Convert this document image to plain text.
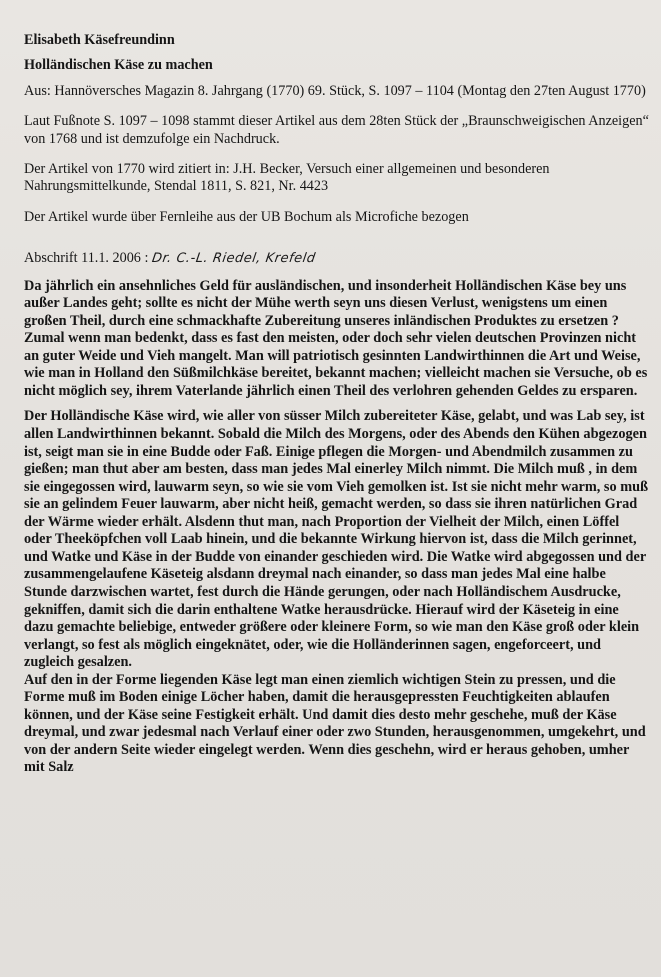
Elisabeth Käsefreundinn

Holländischen Käse zu machen

Aus: Hannöversches Magazin 8. Jahrgang (1770) 69. Stück, S. 1097 – 1104 (Montag den 27ten August 1770)

Laut Fußnote S. 1097 – 1098 stammt dieser Artikel aus dem 28ten Stück der „Braunschweigischen Anzeigen“ von 1768 und ist demzufolge ein Nachdruck.

Der Artikel von 1770 wird zitiert in: J.H. Becker, Versuch einer allgemeinen und besonderen Nahrungsmittelkunde, Stendal 1811, S. 821, Nr. 4423

Der Artikel wurde über Fernleihe aus der UB Bochum als Microfiche bezogen

Abschrift 11.1. 2006 : Dr. C.-L. Riedel, Krefeld

Da jährlich ein ansehnliches Geld für ausländischen, und insonderheit Holländischen Käse bey uns außer Landes geht; sollte es nicht der Mühe werth seyn uns diesen Verlust, wenigstens um einen großen Theil, durch eine schmackhafte Zubereitung unseres inländischen Produktes zu ersetzen ?

Zumal wenn man bedenkt, dass es fast den meisten, oder doch sehr vielen deutschen Provinzen nicht an guter Weide und Vieh mangelt. Man will patriotisch gesinnten Landwirthinnen die Art und Weise, wie man in Holland den Süßmilchkäse bereitet, bekannt machen; vielleicht machen sie Versuche, ob es nicht möglich sey, ihrem Vaterlande jährlich einen Theil des verlohren gehenden Geldes zu ersparen.

Der Holländische Käse wird, wie aller von süsser Milch zubereiteter Käse, gelabt, und was Lab sey, ist allen Landwirthinnen bekannt. Sobald die Milch des Morgens, oder des Abends den Kühen abgezogen ist, seigt man sie in eine Budde oder Faß. Einige pflegen die Morgen- und Abendmilch zusammen zu gießen; man thut aber am besten, dass man jedes Mal einerley Milch nimmt. Die Milch muß , in dem sie eingegossen wird, lauwarm seyn, so wie sie vom Vieh gemolken ist. Ist sie nicht mehr warm, so muß sie an gelindem Feuer lauwarm, aber nicht heiß, gemacht werden, so dass sie ihren natürlichen Grad der Wärme wieder erhält. Alsdenn thut man, nach Proportion der Vielheit der Milch, einen Löffel oder Theeköpfchen voll Laab hinein, und die bekannte Wirkung hiervon ist, dass die Milch gerinnet, und Watke und Käse in der Budde von einander geschieden wird. Die Watke wird abgegossen und der zusammengelaufene Käseteig alsdann dreymal nach einander, so dass man jedes Mal eine halbe Stunde darzwischen wartet, fest durch die Hände gerungen, oder nach Holländischem Ausdrucke, gekniffen, damit sich die darin enthaltene Watke herausdrücke. Hierauf wird der Käseteig in eine dazu gemachte beliebige, entweder größere oder kleinere Form, so wie man den Käse groß oder klein verlangt, so fest als möglich eingeknätet, oder, wie die Holländerinnen sagen, engeforceert, und zugleich gesalzen.

Auf den in der Forme liegenden Käse legt man einen ziemlich wichtigen Stein zu pressen, und die Forme muß im Boden einige Löcher haben, damit die herausgepressten Feuchtigkeiten ablaufen können, und der Käse seine Festigkeit erhält. Und damit dies desto mehr geschehe, muß der Käse dreymal, und zwar jedesmal nach Verlauf einer oder zwo Stunden, herausgenommen, umgekehrt, und von der andern Seite wieder eingelegt werden. Wenn dies geschehn, wird er heraus gehoben, umher mit Salz
